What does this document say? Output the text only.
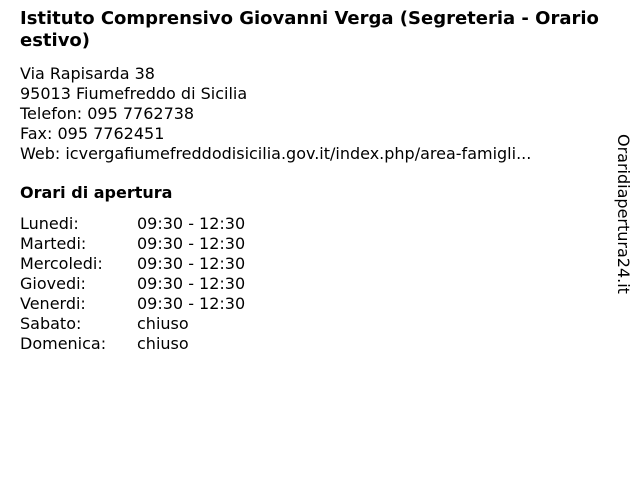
Istituto Comprensivo Giovanni Verga (Segreteria - Orario estivo)
Via Rapisarda 38
95013 Fiumefreddo di Sicilia
Telefon: 095 7762738
Fax: 095 7762451
Web: icvergafiumefreddodisicilia.gov.it/index.php/area-famigli...
Orari di apertura
Lunedi:	09:30 - 12:30
Martedi:	09:30 - 12:30
Mercoledi:	09:30 - 12:30
Giovedi:	09:30 - 12:30
Venerdi:	09:30 - 12:30
Sabato:	chiuso
Domenica:	chiuso
Oraridiapertura24.it
